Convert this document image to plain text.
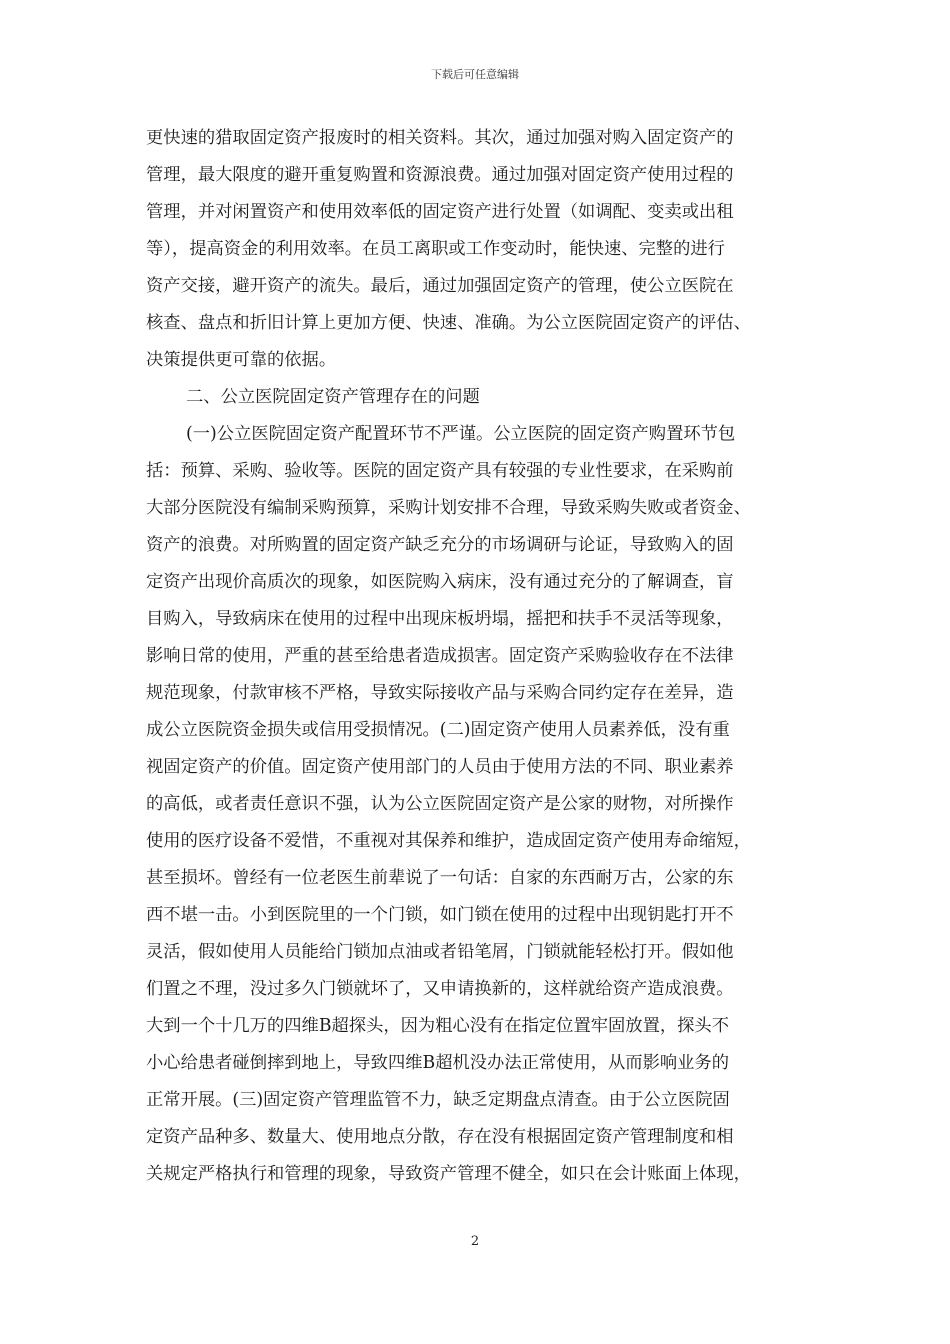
下载后可任意编辑
更快速的猎取固定资产报废时的相关资料。其次，通过加强对购入固定资产的
管理，最大限度的避开重复购置和资源浪费。通过加强对固定资产使用过程的
管理，并对闲置资产和使用效率低的固定资产进行处置（如调配、变卖或出租
等），提高资金的利用效率。在员工离职或工作变动时，能快速、完整的进行
资产交接，避开资产的流失。最后，通过加强固定资产的管理，使公立医院在
核查、盘点和折旧计算上更加方便、快速、准确。为公立医院固定资产的评估、
决策提供更可靠的依据。
二、公立医院固定资产管理存在的问题
(一)公立医院固定资产配置环节不严谨。公立医院的固定资产购置环节包
括：预算、采购、验收等。医院的固定资产具有较强的专业性要求，在采购前
大部分医院没有编制采购预算，采购计划安排不合理，导致采购失败或者资金、
资产的浪费。对所购置的固定资产缺乏充分的市场调研与论证，导致购入的固
定资产出现价高质次的现象，如医院购入病床，没有通过充分的了解调查，盲
目购入，导致病床在使用的过程中出现床板坍塌，摇把和扶手不灵活等现象，
影响日常的使用，严重的甚至给患者造成损害。固定资产采购验收存在不法律
规范现象，付款审核不严格，导致实际接收产品与采购合同约定存在差异，造
成公立医院资金损失或信用受损情况。(二)固定资产使用人员素养低，没有重
视固定资产的价值。固定资产使用部门的人员由于使用方法的不同、职业素养
的高低，或者责任意识不强，认为公立医院固定资产是公家的财物，对所操作
使用的医疗设备不爱惜，不重视对其保养和维护，造成固定资产使用寿命缩短，
甚至损坏。曾经有一位老医生前辈说了一句话：自家的东西耐万古，公家的东
西不堪一击。小到医院里的一个门锁，如门锁在使用的过程中出现钥匙打开不
灵活，假如使用人员能给门锁加点油或者铅笔屑，门锁就能轻松打开。假如他
们置之不理，没过多久门锁就坏了，又申请换新的，这样就给资产造成浪费。
大到一个十几万的四维B超探头，因为粗心没有在指定位置牢固放置，探头不
小心给患者碰倒摔到地上，导致四维B超机没办法正常使用，从而影响业务的
正常开展。(三)固定资产管理监管不力，缺乏定期盘点清查。由于公立医院固
定资产品种多、数量大、使用地点分散，存在没有根据固定资产管理制度和相
关规定严格执行和管理的现象，导致资产管理不健全，如只在会计账面上体现，
2
